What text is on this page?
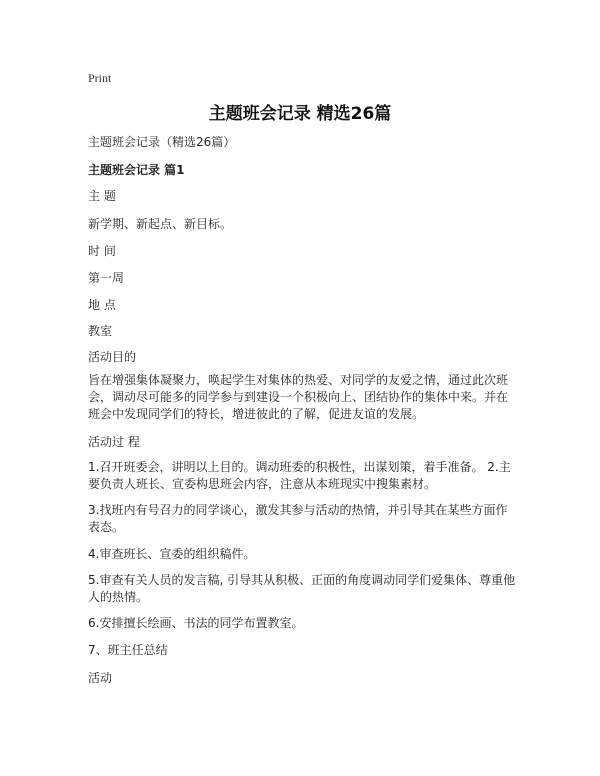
Print
主题班会记录 精选26篇
主题班会记录（精选26篇）
主题班会记录 篇1
主 题
新学期、新起点、新目标。
时 间
第一周
地 点
教室
活动目的
旨在增强集体凝聚力，唤起学生对集体的热爱、对同学的友爱之情，通过此次班会，调动尽可能多的同学参与到建设一个积极向上、团结协作的集体中来。并在班会中发现同学们的特长，增进彼此的了解，促进友谊的发展。
活动过 程
1.召开班委会，讲明以上目的。调动班委的积极性，出谋划策，着手准备。 2.主要负责人班长、宣委构思班会内容，注意从本班现实中搜集素材。
3.找班内有号召力的同学谈心，激发其参与活动的热情，并引导其在某些方面作表态。
4.审查班长、宣委的组织稿件。
5.审查有关人员的发言稿, 引导其从积极、正面的角度调动同学们爱集体、尊重他人的热情。
6.安排擅长绘画、书法的同学布置教室。
7、班主任总结
活动
